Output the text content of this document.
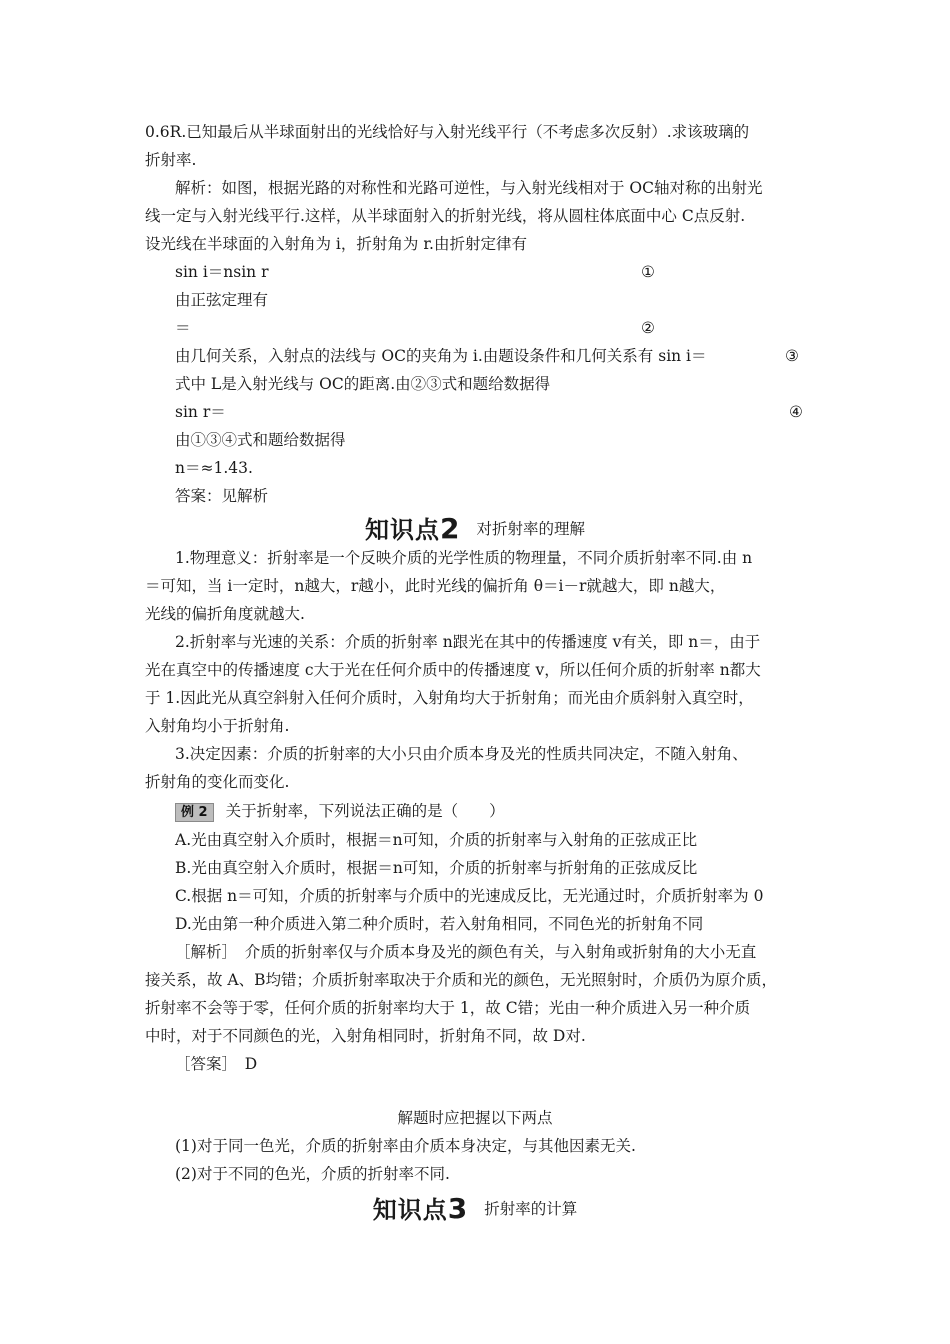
0.6R.已知最后从半球面射出的光线恰好与入射光线平行（不考虑多次反射）.求该玻璃的
折射率.
解析：如图，根据光路的对称性和光路可逆性，与入射光线相对于 OC轴对称的出射光
线一定与入射光线平行.这样，从半球面射入的折射光线，将从圆柱体底面中心 C点反射.
设光线在半球面的入射角为 i，折射角为 r.由折射定律有
sin i＝nsin r	①
由正弦定理有
＝	②
由几何关系，入射点的法线与 OC的夹角为 i.由题设条件和几何关系有 sin i＝	③
式中 L是入射光线与 OC的距离.由②③式和题给数据得
sin r＝	④
由①③④式和题给数据得
n＝≈1.43.
答案：见解析
知识点2 对折射率的理解
1.物理意义：折射率是一个反映介质的光学性质的物理量，不同介质折射率不同.由 n
＝可知，当 i一定时，n越大，r越小，此时光线的偏折角 θ＝i－r就越大，即 n越大，
光线的偏折角度就越大.
2.折射率与光速的关系：介质的折射率 n跟光在其中的传播速度 v有关，即 n＝，由于
光在真空中的传播速度 c大于光在任何介质中的传播速度 v，所以任何介质的折射率 n都大
于 1.因此光从真空斜射入任何介质时，入射角均大于折射角；而光由介质斜射入真空时，
入射角均小于折射角.
3.决定因素：介质的折射率的大小只由介质本身及光的性质共同决定，不随入射角、
折射角的变化而变化.
例 2 关于折射率，下列说法正确的是（　　）
A.光由真空射入介质时，根据＝n可知，介质的折射率与入射角的正弦成正比
B.光由真空射入介质时，根据＝n可知，介质的折射率与折射角的正弦成反比
C.根据 n＝可知，介质的折射率与介质中的光速成反比，无光通过时，介质折射率为 0
D.光由第一种介质进入第二种介质时，若入射角相同，不同色光的折射角不同
［解析］　介质的折射率仅与介质本身及光的颜色有关，与入射角或折射角的大小无直
接关系，故 A、B均错；介质折射率取决于介质和光的颜色，无光照射时，介质仍为原介质，
折射率不会等于零，任何介质的折射率均大于 1，故 C错；光由一种介质进入另一种介质
中时，对于不同颜色的光，入射角相同时，折射角不同，故 D对.
［答案］　D
解题时应把握以下两点
(1)对于同一色光，介质的折射率由介质本身决定，与其他因素无关.
(2)对于不同的色光，介质的折射率不同.
知识点3 折射率的计算
